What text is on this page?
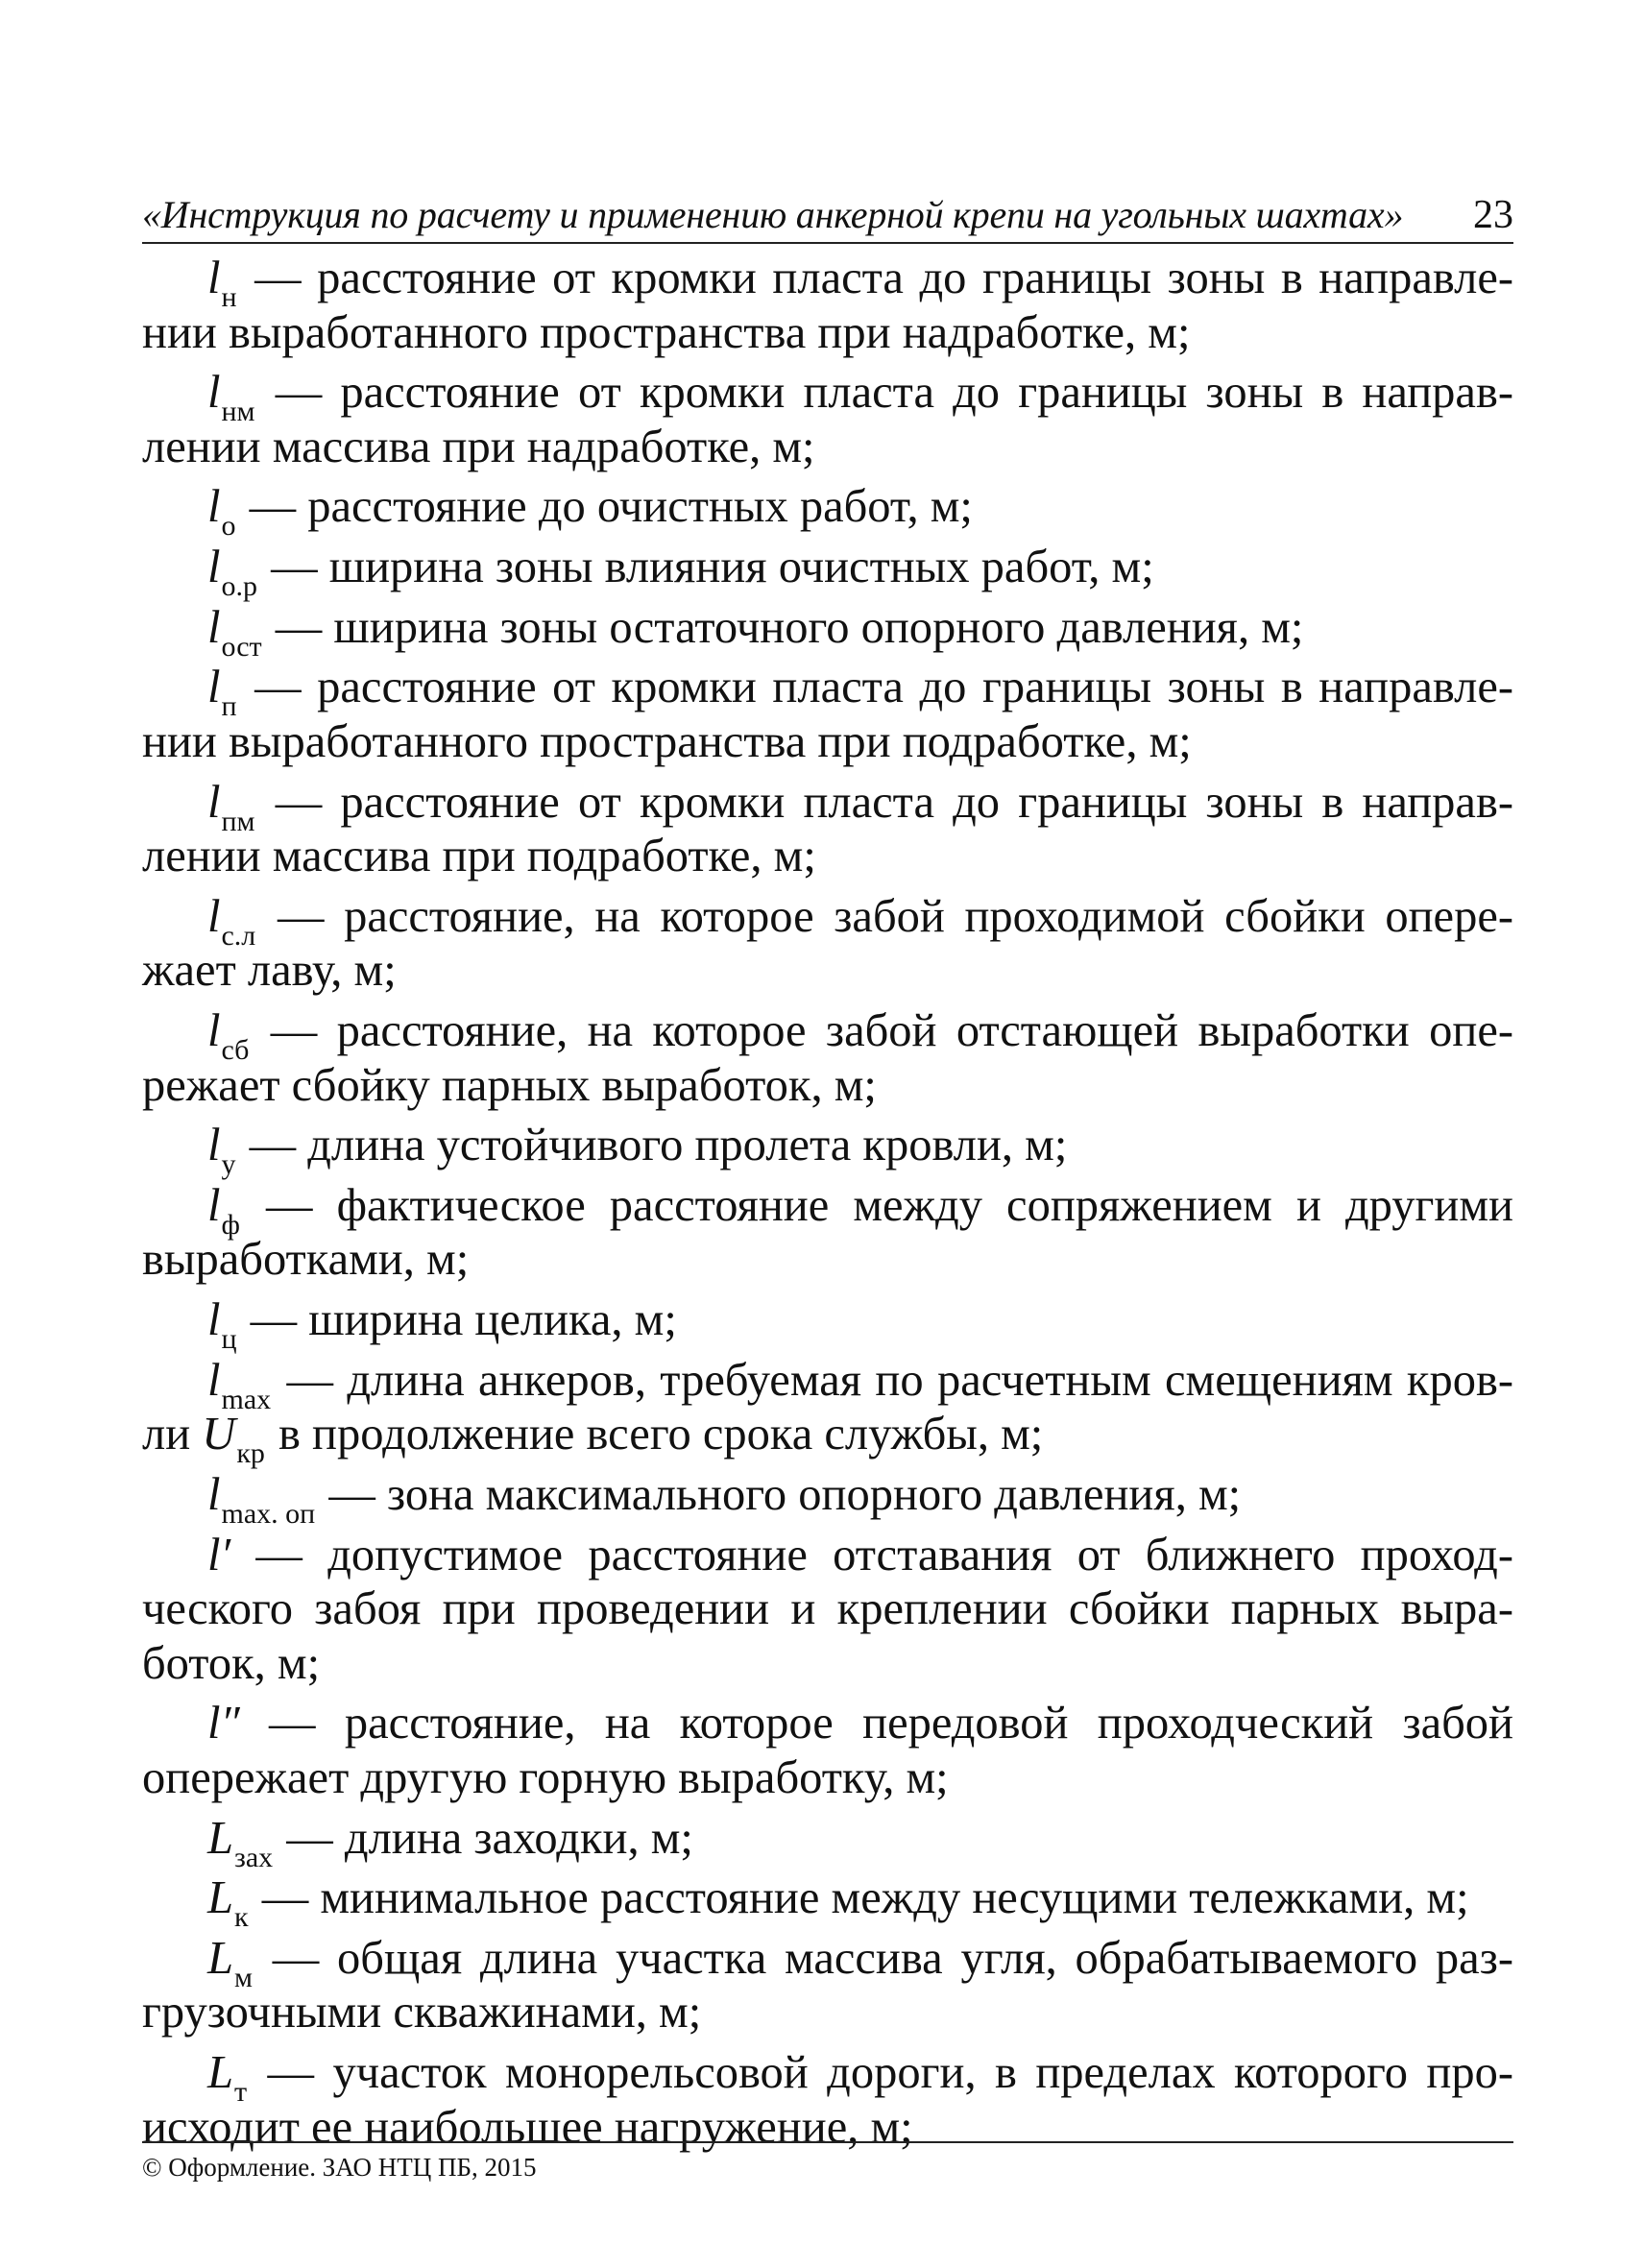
«Инструкция по расчету и применению анкерной крепи на угольных шахтах» 23

$l_н$ — расстояние от кромки пласта до границы зоны в направлении выработанного пространства при надработке, м;

$l_{нм}$ — расстояние от кромки пласта до границы зоны в направлении массива при надработке, м;

$l_о$ — расстояние до очистных работ, м;

$l_{о.р}$ — ширина зоны влияния очистных работ, м;

$l_{ост}$ — ширина зоны остаточного опорного давления, м;

$l_п$ — расстояние от кромки пласта до границы зоны в направлении выработанного пространства при подработке, м;

$l_{пм}$ — расстояние от кромки пласта до границы зоны в направлении массива при подработке, м;

$l_{с.л}$ — расстояние, на которое забой проходимой сбойки опережает лаву, м;

$l_{сб}$ — расстояние, на которое забой отстающей выработки опережает сбойку парных выработок, м;

$l_у$ — длина устойчивого пролета кровли, м;

$l_ф$ — фактическое расстояние между сопряжением и другими выработками, м;

$l_ц$ — ширина целика, м;

$l_{max}$ — длина анкеров, требуемая по расчетным смещениям кровли $U_{кр}$ в продолжение всего срока службы, м;

$l_{max. оп}$ — зона максимального опорного давления, м;

l′ — допустимое расстояние отставания от ближнего проходческого забоя при проведении и креплении сбойки парных выработок, м;

l″ — расстояние, на которое передовой проходческий забой опережает другую горную выработку, м;

$L_{зах}$ — длина заходки, м;

$L_к$ — минимальное расстояние между несущими тележками, м;

$L_м$ — общая длина участка массива угля, обрабатываемого разгрузочными скважинами, м;

$L_т$ — участок монорельсовой дороги, в пределах которого происходит ее наибольшее нагружение, м;

© Оформление. ЗАО НТЦ ПБ, 2015
